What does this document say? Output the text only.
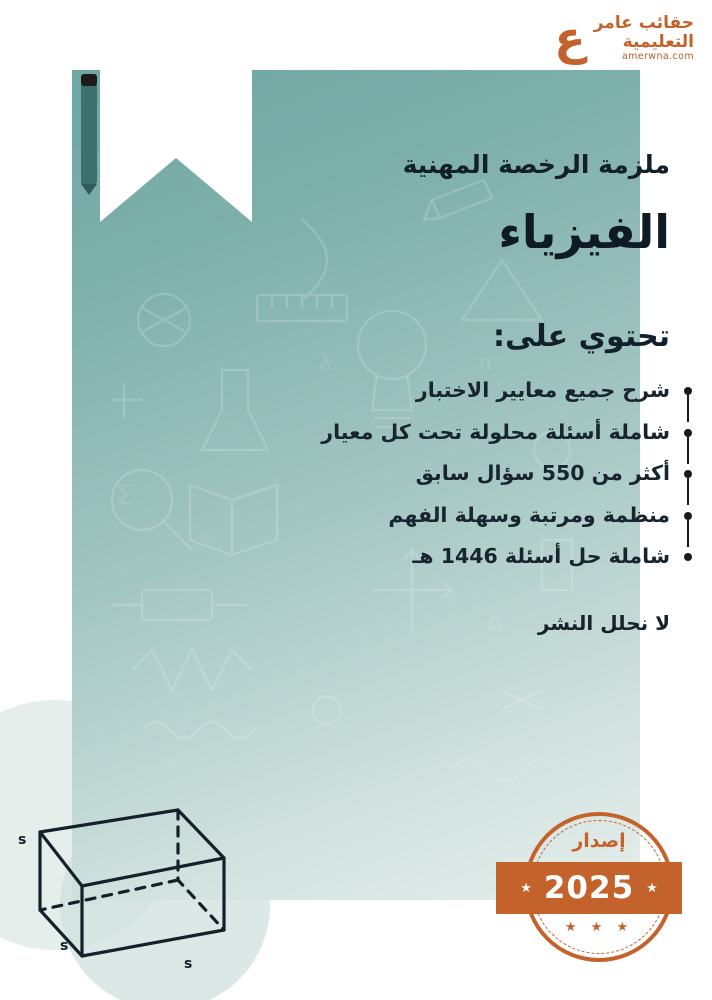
حقائب عامر
التعليمية
amerwna.com
ع
∑
π
λ
√
Δ
ملزمة الرخصة المهنية
الفيزياء
تحتوي على:
شرح جميع معايير الاختبار
شاملة أسئلة محلولة تحت كل معيار
أكثر من 550 سؤال سابق
منظمة ومرتبة وسهلة الفهم
شاملة حل أسئلة 1446 هـ
لا نحلل النشر
s
s
s
إصدار
★
2025
★
★ ★ ★
